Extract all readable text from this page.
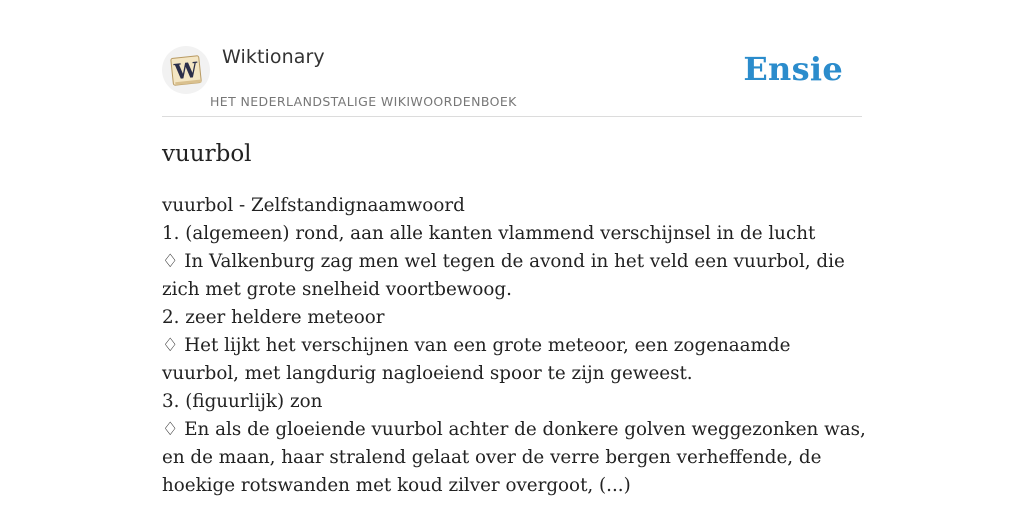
W Wiktionary
HET NEDERLANDSTALIGE WIKIWOORDENBOEK
Ensie
vuurbol
vuurbol - Zelfstandignaamwoord
1. (algemeen) rond, aan alle kanten vlammend verschijnsel in de lucht
♢ In Valkenburg zag men wel tegen de avond in het veld een vuurbol, die zich met grote snelheid voortbewoog.
2. zeer heldere meteoor
♢ Het lijkt het verschijnen van een grote meteoor, een zogenaamde vuurbol, met langdurig nagloeiend spoor te zijn geweest.
3. (figuurlijk) zon
♢ En als de gloeiende vuurbol achter de donkere golven weggezonken was, en de maan, haar stralend gelaat over de verre bergen verheffende, de hoekige rotswanden met koud zilver overgoot, (...)
